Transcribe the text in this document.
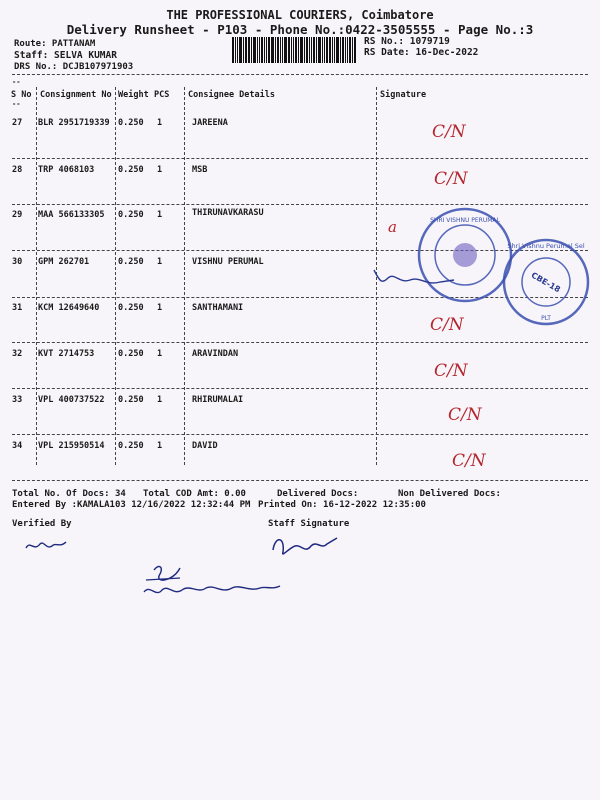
THE PROFESSIONAL COURIERS, Coimbatore
Delivery Runsheet - P103 - Phone No.:0422-3505555 - Page No.:3
Route: PATTANAM
Staff: SELVA KUMAR
DRS No.: DCJB107971903
RS No.: 1079719
RS Date: 16-Dec-2022
--
S No Consignment No Weight PCS Consignee Details	Signature
--
27 BLR 2951719339 0.250 1	JAREENA	C/N
28 TRP 4068103	0.250 1	MSB	C/N
29 MAA 566133305 0.250 1	THIRUNAVKARASU
a
30 GPM 262701	0.250 1	VISHNU PERUMAL
31 KCM 12649640 0.250 1	SANTHAMANI
C/N
32 KVT 2714753	0.250 1	ARAVINDAN
C/N
33 VPL 400737522 0.250 1	RHIRUMALAI
C/N
34 VPL 215950514 0.250 1	DAVID
C/N
SHRI VISHNU PERUMAL
Shri Vishnu Perumal Sel
CBE-18
PLT
Total No. Of Docs: 34 Total COD Amt: 0.00	Delivered Docs:	Non Delivered Docs:
Entered By :KAMALA103 12/16/2022 12:32:44 PM Printed On: 16-12-2022 12:35:00
Verified By	Staff Signature
